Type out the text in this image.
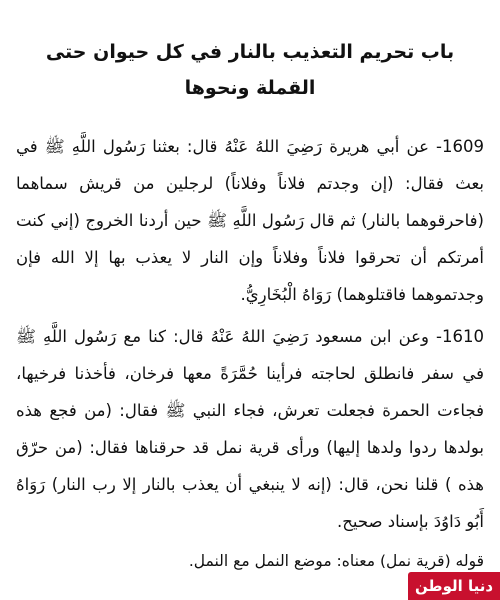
باب تحريم التعذيب بالنار في كل حيوان حتى القملة ونحوها

1609- عن أبي هريرة رَضِيَ اللهُ عَنْهُ قال: بعثنا رَسُول اللَّهِ ﷺ في بعث فقال: (إن وجدتم فلاناً وفلاناً) لرجلين من قريش سماهما (فاحرقوهما بالنار) ثم قال رَسُول اللَّهِ ﷺ حين أردنا الخروج (إني كنت أمرتكم أن تحرقوا فلاناً وفلاناً وإن النار لا يعذب بها إلا الله فإن وجدتموهما فاقتلوهما) رَوَاهُ الْبُخَارِيُّ.

1610- وعن ابن مسعود رَضِيَ اللهُ عَنْهُ قال: كنا مع رَسُول اللَّهِ ﷺ في سفر فانطلق لحاجته فرأينا حُمَّرَةً معها فرخان، فأخذنا فرخيها، فجاءت الحمرة فجعلت تعرش، فجاء النبي ﷺ فقال: (من فجع هذه بولدها ردوا ولدها إليها) ورأى قرية نمل قد حرقناها فقال: (من حرّق هذه ) قلنا نحن، قال: (إنه لا ينبغي أن يعذب بالنار إلا رب النار) رَوَاهُ أَبُو دَاوُدَ بإسناد صحيح.

قوله (قرية نمل) معناه: موضع النمل مع النمل.

دنيا الوطن
